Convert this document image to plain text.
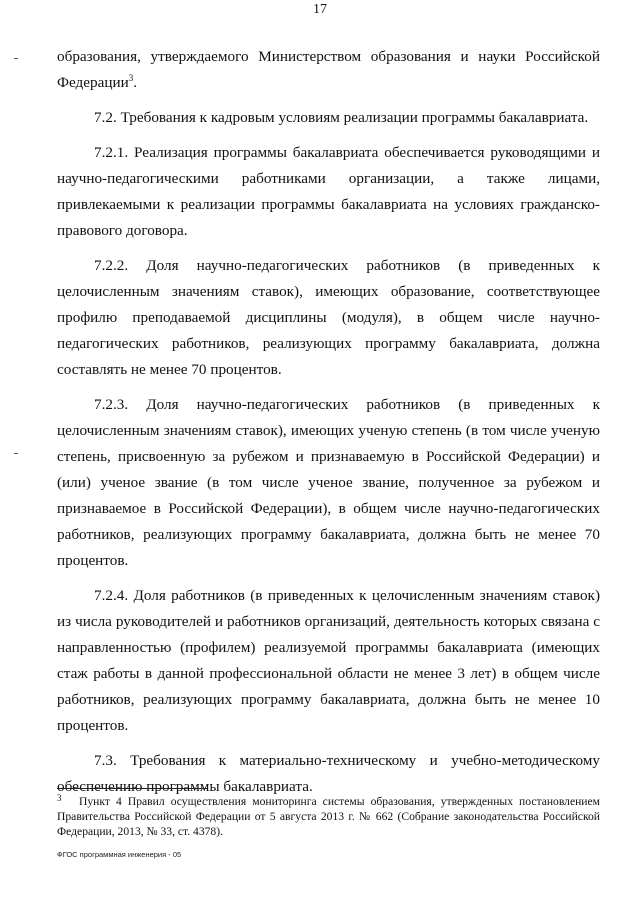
17

образования, утверждаемого Министерством образования и науки Российской Федерации$^3$.

7.2. Требования к кадровым условиям реализации программы бакалавриата.

7.2.1. Реализация программы бакалавриата обеспечивается руководящими и научно-педагогическими работниками организации, а также лицами, привлекаемыми к реализации программы бакалавриата на условиях гражданско-правового договора.

7.2.2. Доля научно-педагогических работников (в приведенных к целочисленным значениям ставок), имеющих образование, соответствующее профилю преподаваемой дисциплины (модуля), в общем числе научно-педагогических работников, реализующих программу бакалавриата, должна составлять не менее 70 процентов.

7.2.3. Доля научно-педагогических работников (в приведенных к целочисленным значениям ставок), имеющих ученую степень (в том числе ученую степень, присвоенную за рубежом и признаваемую в Российской Федерации) и (или) ученое звание (в том числе ученое звание, полученное за рубежом и признаваемое в Российской Федерации), в общем числе научно-педагогических работников, реализующих программу бакалавриата, должна быть не менее 70 процентов.

7.2.4. Доля работников (в приведенных к целочисленным значениям ставок) из числа руководителей и работников организаций, деятельность которых связана с направленностью (профилем) реализуемой программы бакалавриата (имеющих стаж работы в данной профессиональной области не менее 3 лет) в общем числе работников, реализующих программу бакалавриата, должна быть не менее 10 процентов.

7.3. Требования к материально-техническому и учебно-методическому обеспечению программы бакалавриата.

3 Пункт 4 Правил осуществления мониторинга системы образования, утвержденных постановлением Правительства Российской Федерации от 5 августа 2013 г. № 662 (Собрание законодательства Российской Федерации, 2013, № 33, ст. 4378).
ФГОС программная инженерия - 05
